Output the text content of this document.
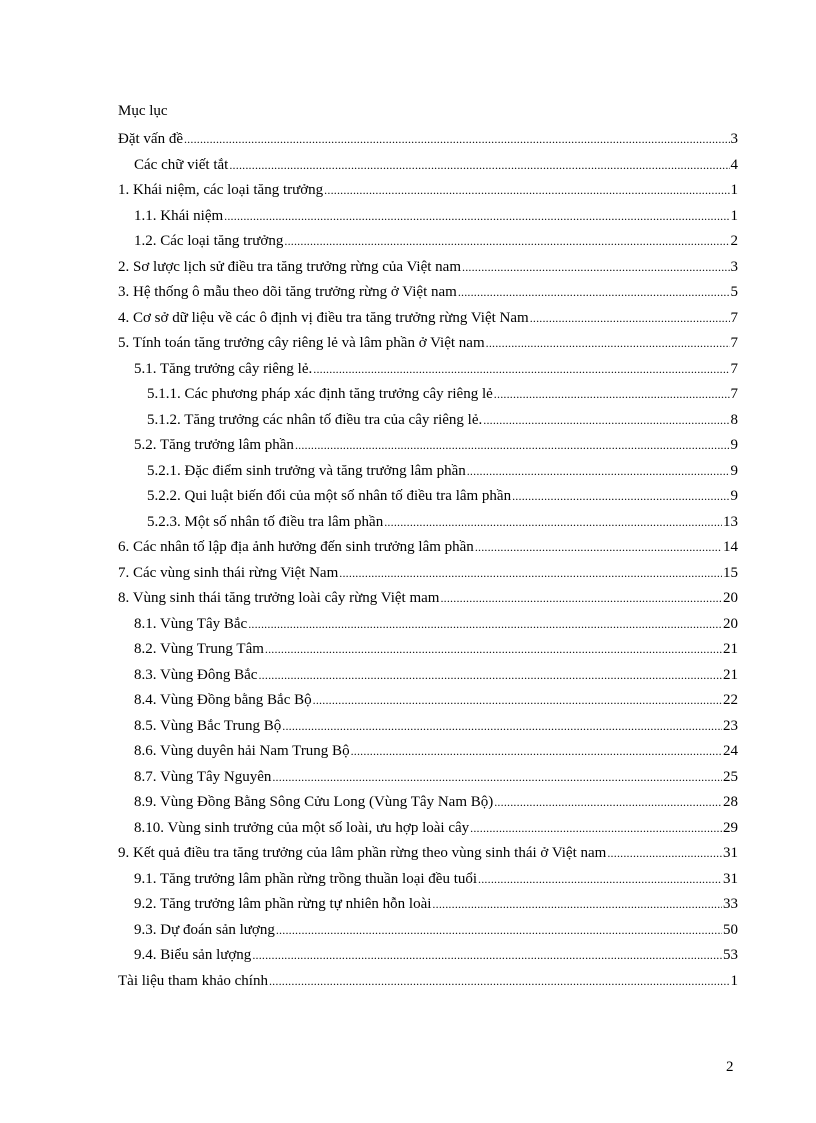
Mục lục
Đặt vấn đề .....	3
Các chữ viết tắt .....	4
1. Khái niệm, các loại tăng trưởng .....	1
1.1. Khái niệm .....	1
1.2. Các loại tăng trưởng .....	2
2. Sơ lược lịch sử điều tra tăng trưởng rừng của Việt nam .....	3
3. Hệ thống ô mẫu theo dõi tăng trưởng rừng ở Việt nam .....	5
4. Cơ sở dữ liệu về các ô định vị điều tra tăng trưởng rừng Việt Nam .....	7
5. Tính toán tăng trưởng cây riêng lẻ và lâm phần ở Việt nam .....	7
5.1. Tăng trưởng cây riêng lẻ. .....	7
5.1.1. Các phương pháp xác định tăng trưởng cây riêng lẻ .....	7
5.1.2. Tăng trưởng các nhân tố điều tra của cây riêng lẻ. .....	8
5.2. Tăng trưởng lâm phần .....	9
5.2.1. Đặc điểm sinh trưởng và tăng trưởng lâm phần .....	9
5.2.2. Qui luật biến đổi của một số nhân tố điều tra lâm phần .....	9
5.2.3. Một số nhân tố điều tra lâm phần .....	13
6. Các nhân tố lập địa ảnh hưởng đến sinh trưởng lâm phần .....	14
7. Các vùng sinh thái rừng Việt Nam .....	15
8. Vùng sinh thái tăng trưởng loài cây rừng Việt mam .....	20
8.1. Vùng Tây Bắc .....	20
8.2. Vùng Trung Tâm .....	21
8.3. Vùng Đông Bắc .....	21
8.4. Vùng Đồng bằng Bắc Bộ .....	22
8.5. Vùng Bắc Trung Bộ .....	23
8.6. Vùng duyên hải Nam Trung Bộ .....	24
8.7. Vùng Tây Nguyên .....	25
8.9. Vùng Đồng Bằng Sông Cửu Long (Vùng Tây Nam Bộ) .....	28
8.10. Vùng sinh trưởng của một số loài, ưu hợp loài cây .....	29
9. Kết quả điều tra tăng trưởng của lâm phần rừng theo vùng sinh thái ở Việt nam .....	31
9.1. Tăng trưởng lâm phần rừng trồng thuần loại đều tuổi .....	31
9.2. Tăng trưởng lâm phần rừng tự nhiên hỗn loài .....	33
9.3. Dự đoán sản lượng .....	50
9.4. Biểu sản lượng .....	53
Tài liệu tham khảo chính .....	1
2
